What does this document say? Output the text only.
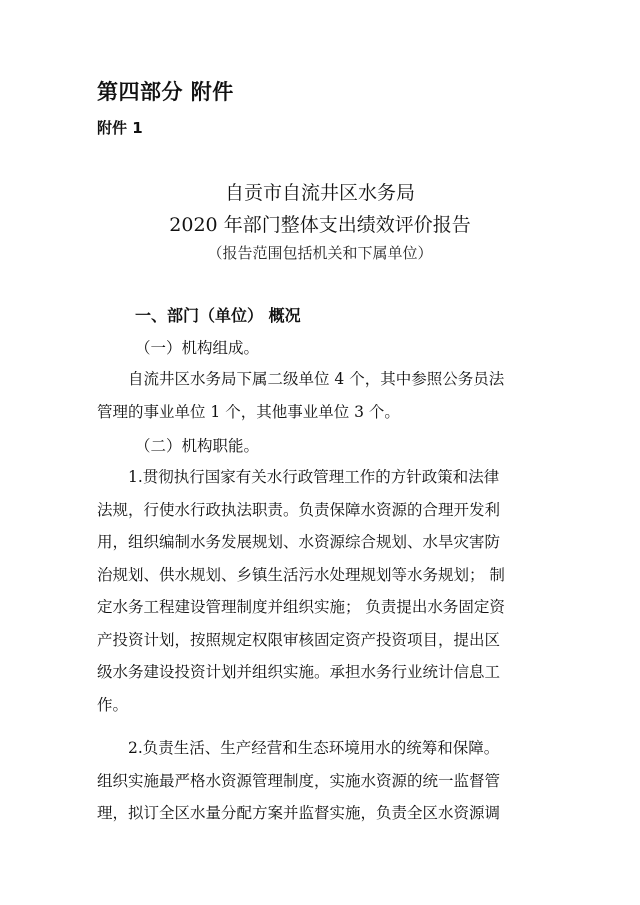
第四部分 附件
附件 1
自贡市自流井区水务局
2020 年部门整体支出绩效评价报告
（报告范围包括机关和下属单位）
一、部门（单位） 概况
（一）机构组成。
自流井区水务局下属二级单位 4 个，其中参照公务员法
管理的事业单位 1 个，其他事业单位 3 个。
（二）机构职能。
1.贯彻执行国家有关水行政管理工作的方针政策和法律
法规，行使水行政执法职责。负责保障水资源的合理开发利
用，组织编制水务发展规划、水资源综合规划、水旱灾害防
治规划、供水规划、乡镇生活污水处理规划等水务规划； 制
定水务工程建设管理制度并组织实施； 负责提出水务固定资
产投资计划，按照规定权限审核固定资产投资项目，提出区
级水务建设投资计划并组织实施。承担水务行业统计信息工
作。
2.负责生活、生产经营和生态环境用水的统筹和保障。
组织实施最严格水资源管理制度，实施水资源的统一监督管
理，拟订全区水量分配方案并监督实施，负责全区水资源调
